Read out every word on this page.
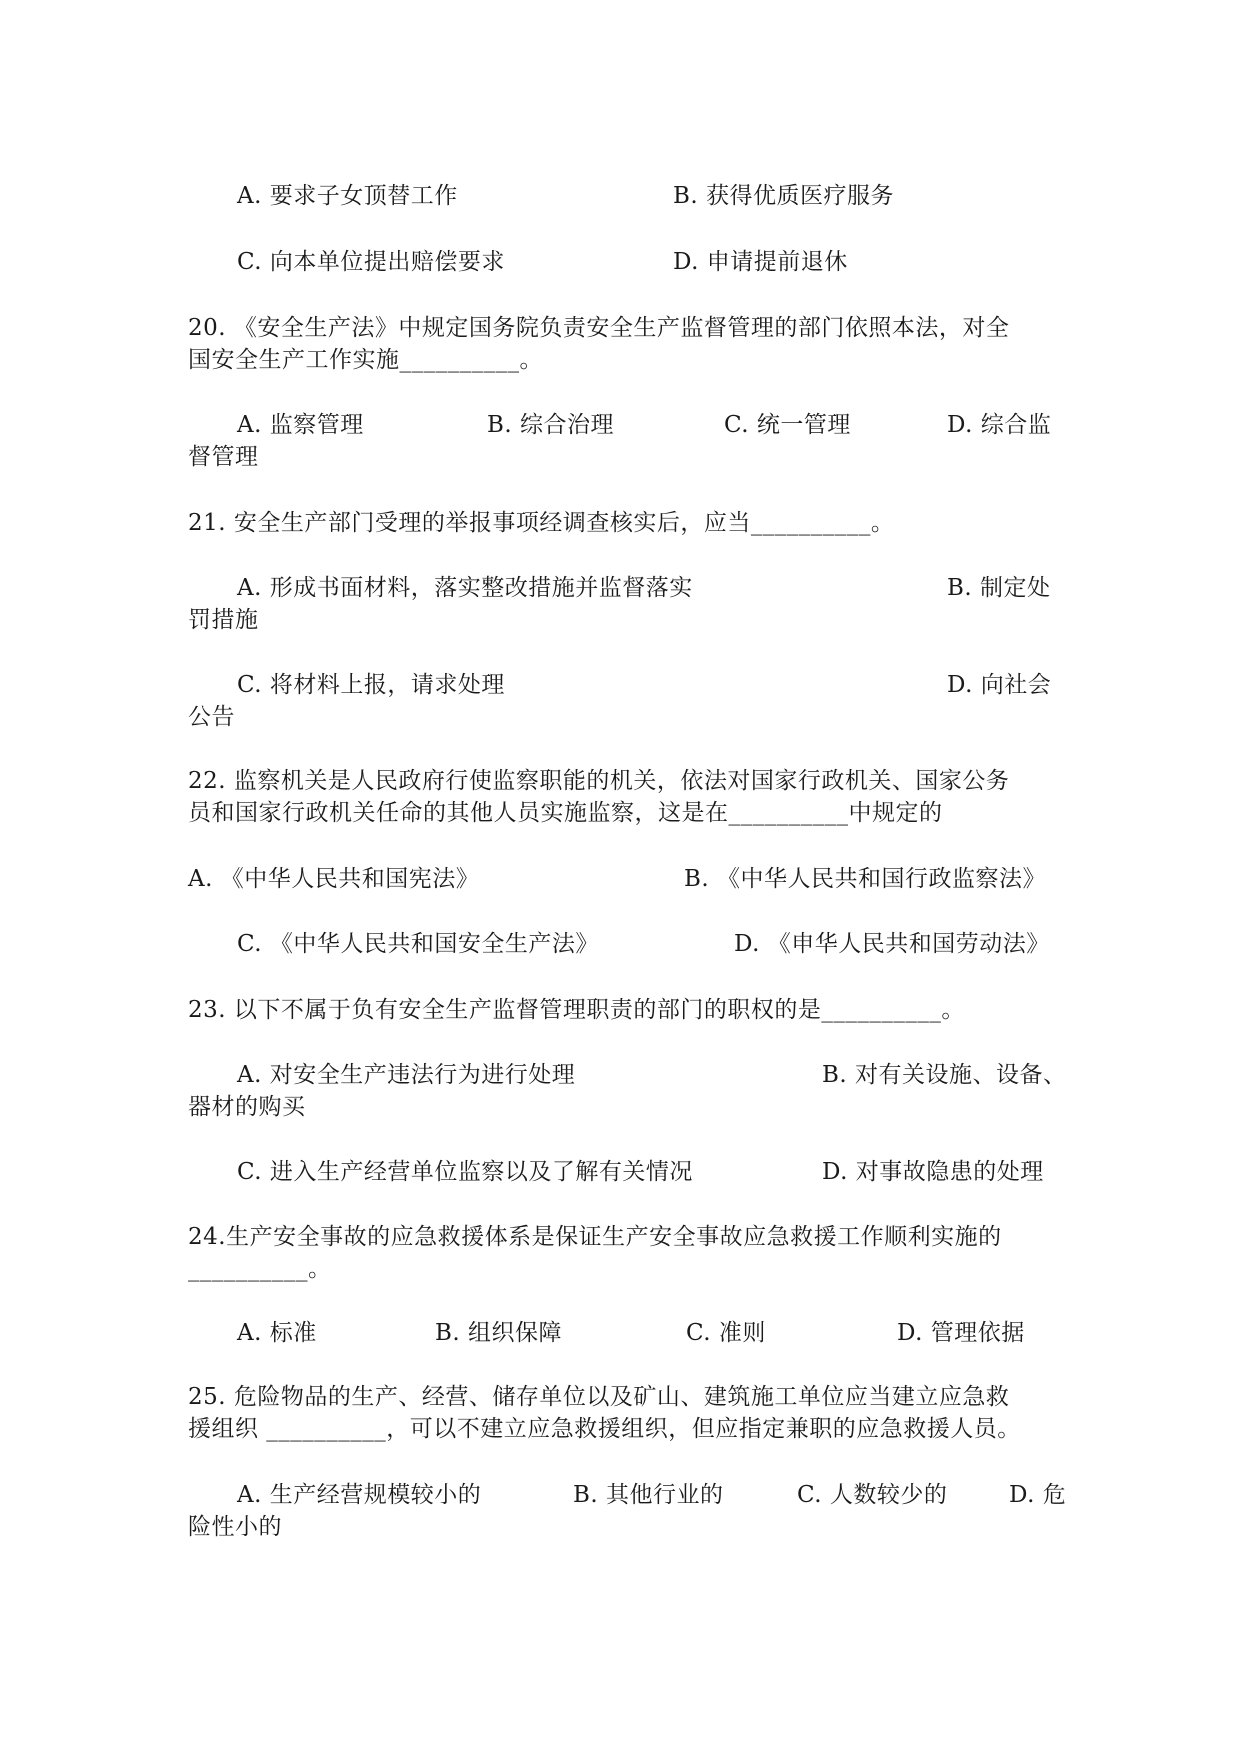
A. 要求子女顶替工作	B. 获得优质医疗服务
C. 向本单位提出赔偿要求	D. 申请提前退休
20. 《安全生产法》中规定国务院负责安全生产监督管理的部门依照本法，对全
国安全生产工作实施__________。
A. 监察管理	B. 综合治理	C. 统一管理	D. 综合监
督管理
21. 安全生产部门受理的举报事项经调查核实后，应当__________。
A. 形成书面材料，落实整改措施并监督落实	B. 制定处
罚措施
C. 将材料上报，请求处理	D. 向社会
公告
22. 监察机关是人民政府行使监察职能的机关，依法对国家行政机关、国家公务
员和国家行政机关任命的其他人员实施监察，这是在__________中规定的
A. 《中华人民共和国宪法》	B. 《中华人民共和国行政监察法》
C. 《中华人民共和国安全生产法》	D. 《申华人民共和国劳动法》
23. 以下不属于负有安全生产监督管理职责的部门的职权的是__________。
A. 对安全生产违法行为进行处理	B. 对有关设施、设备、
器材的购买
C. 进入生产经营单位监察以及了解有关情况	D. 对事故隐患的处理
24.生产安全事故的应急救援体系是保证生产安全事故应急救援工作顺利实施的
__________。
A. 标准	B. 组织保障	C. 准则	D. 管理依据
25. 危险物品的生产、经营、储存单位以及矿山、建筑施工单位应当建立应急救
援组织 __________，可以不建立应急救援组织，但应指定兼职的应急救援人员。
A. 生产经营规模较小的	B. 其他行业的	C. 人数较少的	D. 危
险性小的
